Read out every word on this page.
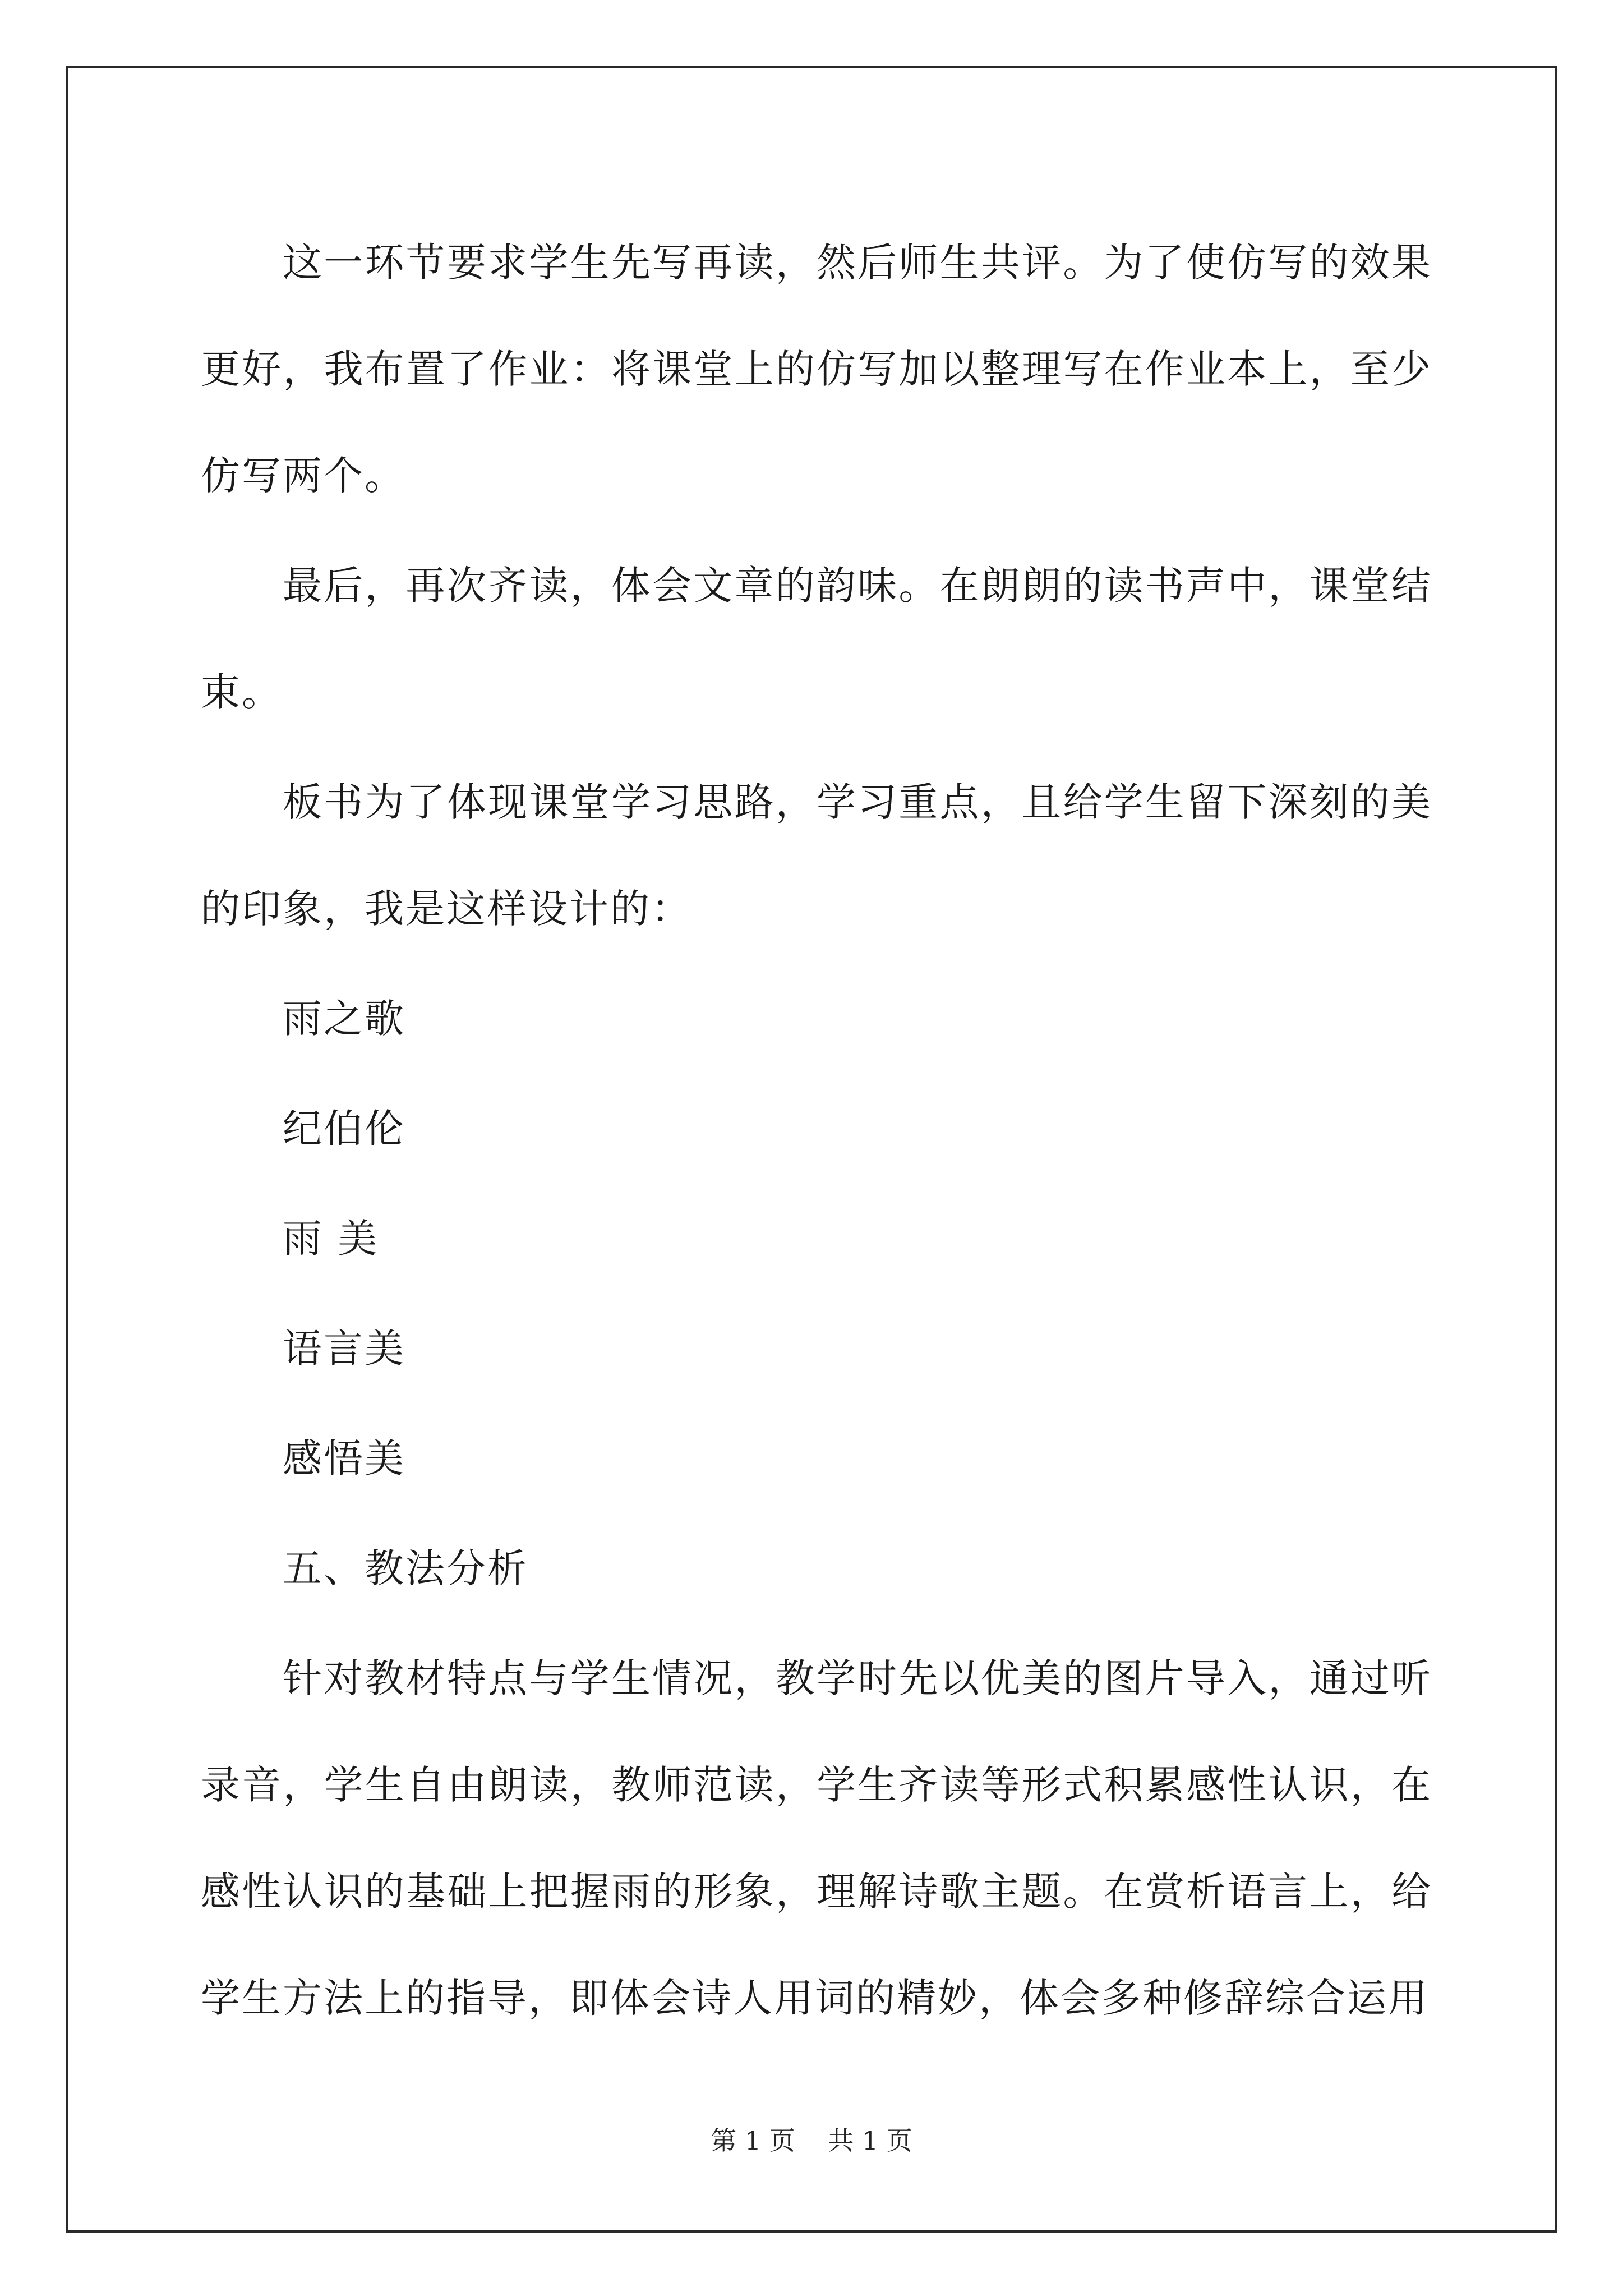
这一环节要求学生先写再读，然后师生共评。为了使仿写的效果更好，我布置了作业：将课堂上的仿写加以整理写在作业本上，至少仿写两个。

最后，再次齐读，体会文章的韵味。在朗朗的读书声中，课堂结束。

板书为了体现课堂学习思路，学习重点，且给学生留下深刻的美的印象，我是这样设计的：

雨之歌

纪伯伦

雨 美

语言美

感悟美

五、教法分析

针对教材特点与学生情况，教学时先以优美的图片导入，通过听录音，学生自由朗读，教师范读，学生齐读等形式积累感性认识，在感性认识的基础上把握雨的形象，理解诗歌主题。在赏析语言上，给学生方法上的指导，即体会诗人用词的精妙，体会多种修辞综合运用

第 1 页 共 1 页
